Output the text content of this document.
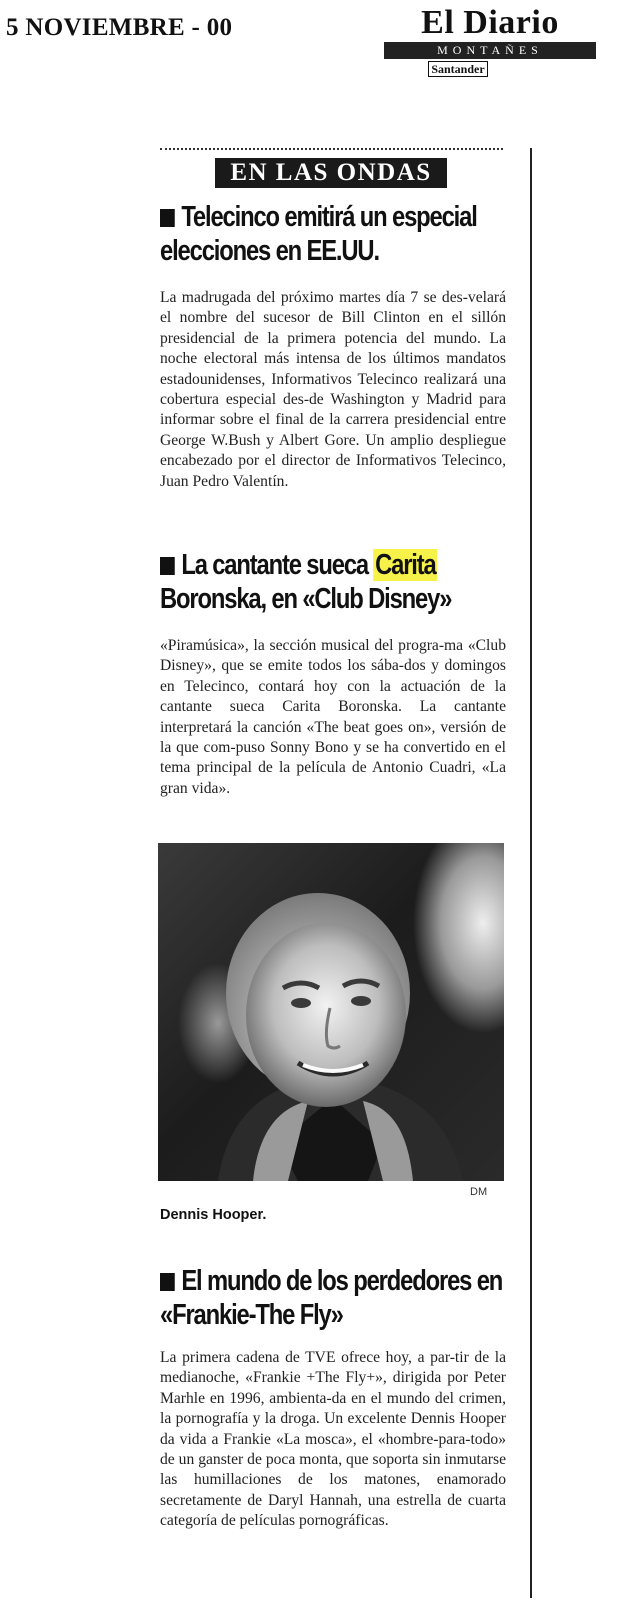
5 NOVIEMBRE - 00	El Diario
MONTAÑES
Santander
EN LAS ONDAS
Telecinco emitirá un especial elecciones en EE.UU.
La madrugada del próximo martes día 7 se des-velará el nombre del sucesor de Bill Clinton en el sillón presidencial de la primera potencia del mundo. La noche electoral más intensa de los últimos mandatos estadounidenses, Informativos Telecinco realizará una cobertura especial des-de Washington y Madrid para informar sobre el final de la carrera presidencial entre George W.Bush y Albert Gore. Un amplio despliegue encabezado por el director de Informativos Telecinco, Juan Pedro Valentín.
La cantante sueca Carita Boronska, en «Club Disney»
«Piramúsica», la sección musical del progra-ma «Club Disney», que se emite todos los sába-dos y domingos en Telecinco, contará hoy con la actuación de la cantante sueca Carita Boronska. La cantante interpretará la canción «The beat goes on», versión de la que com-puso Sonny Bono y se ha convertido en el tema principal de la película de Antonio Cuadri, «La gran vida».
DM
Dennis Hooper.
El mundo de los perdedores en «Frankie-The Fly»
La primera cadena de TVE ofrece hoy, a par-tir de la medianoche, «Frankie +The Fly+», dirigida por Peter Marhle en 1996, ambienta-da en el mundo del crimen, la pornografía y la droga. Un excelente Dennis Hooper da vida a Frankie «La mosca», el «hombre-para-todo» de un ganster de poca monta, que soporta sin inmutarse las humillaciones de los matones, enamorado secretamente de Daryl Hannah, una estrella de cuarta categoría de películas pornográficas.
